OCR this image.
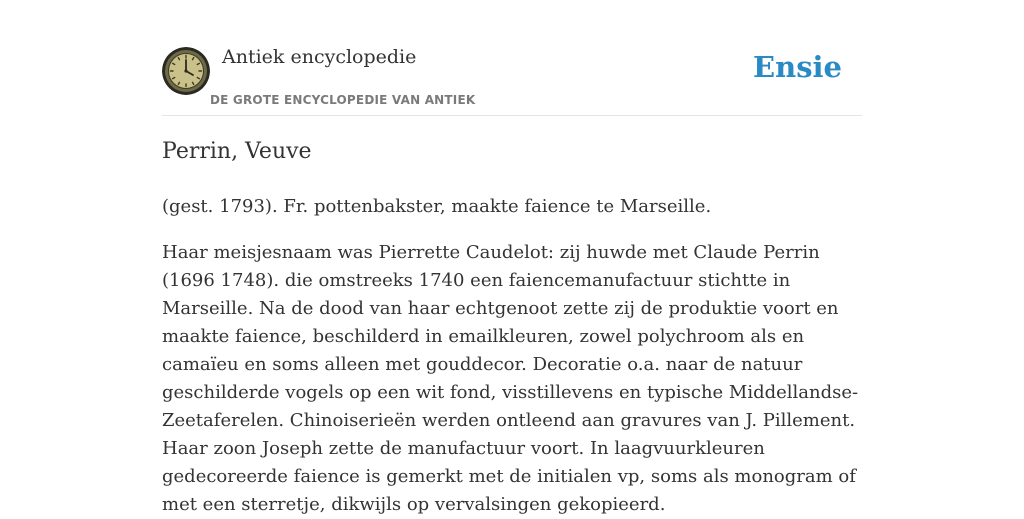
Antiek encyclopedie
DE GROTE ENCYCLOPEDIE VAN ANTIEK
Ensie
Perrin, Veuve

(gest. 1793). Fr. pottenbakster, maakte faience te Marseille.

Haar meisjesnaam was Pierrette Caudelot: zij huwde met Claude Perrin (1696 1748). die omstreeks 1740 een faiencemanufactuur stichtte in Marseille. Na de dood van haar echtgenoot zette zij de produktie voort en maakte faience, beschilderd in emailkleuren, zowel polychroom als en camaïeu en soms alleen met gouddecor. Decoratie o.a. naar de natuur geschilderde vogels op een wit fond, visstillevens en typische Middellandse-Zeetaferelen. Chinoiserieën werden ontleend aan gravures van J. Pillement. Haar zoon Joseph zette de manufactuur voort. In laagvuurkleuren gedecoreerde faience is gemerkt met de initialen vp, soms als monogram of met een sterretje, dikwijls op vervalsingen gekopieerd.
